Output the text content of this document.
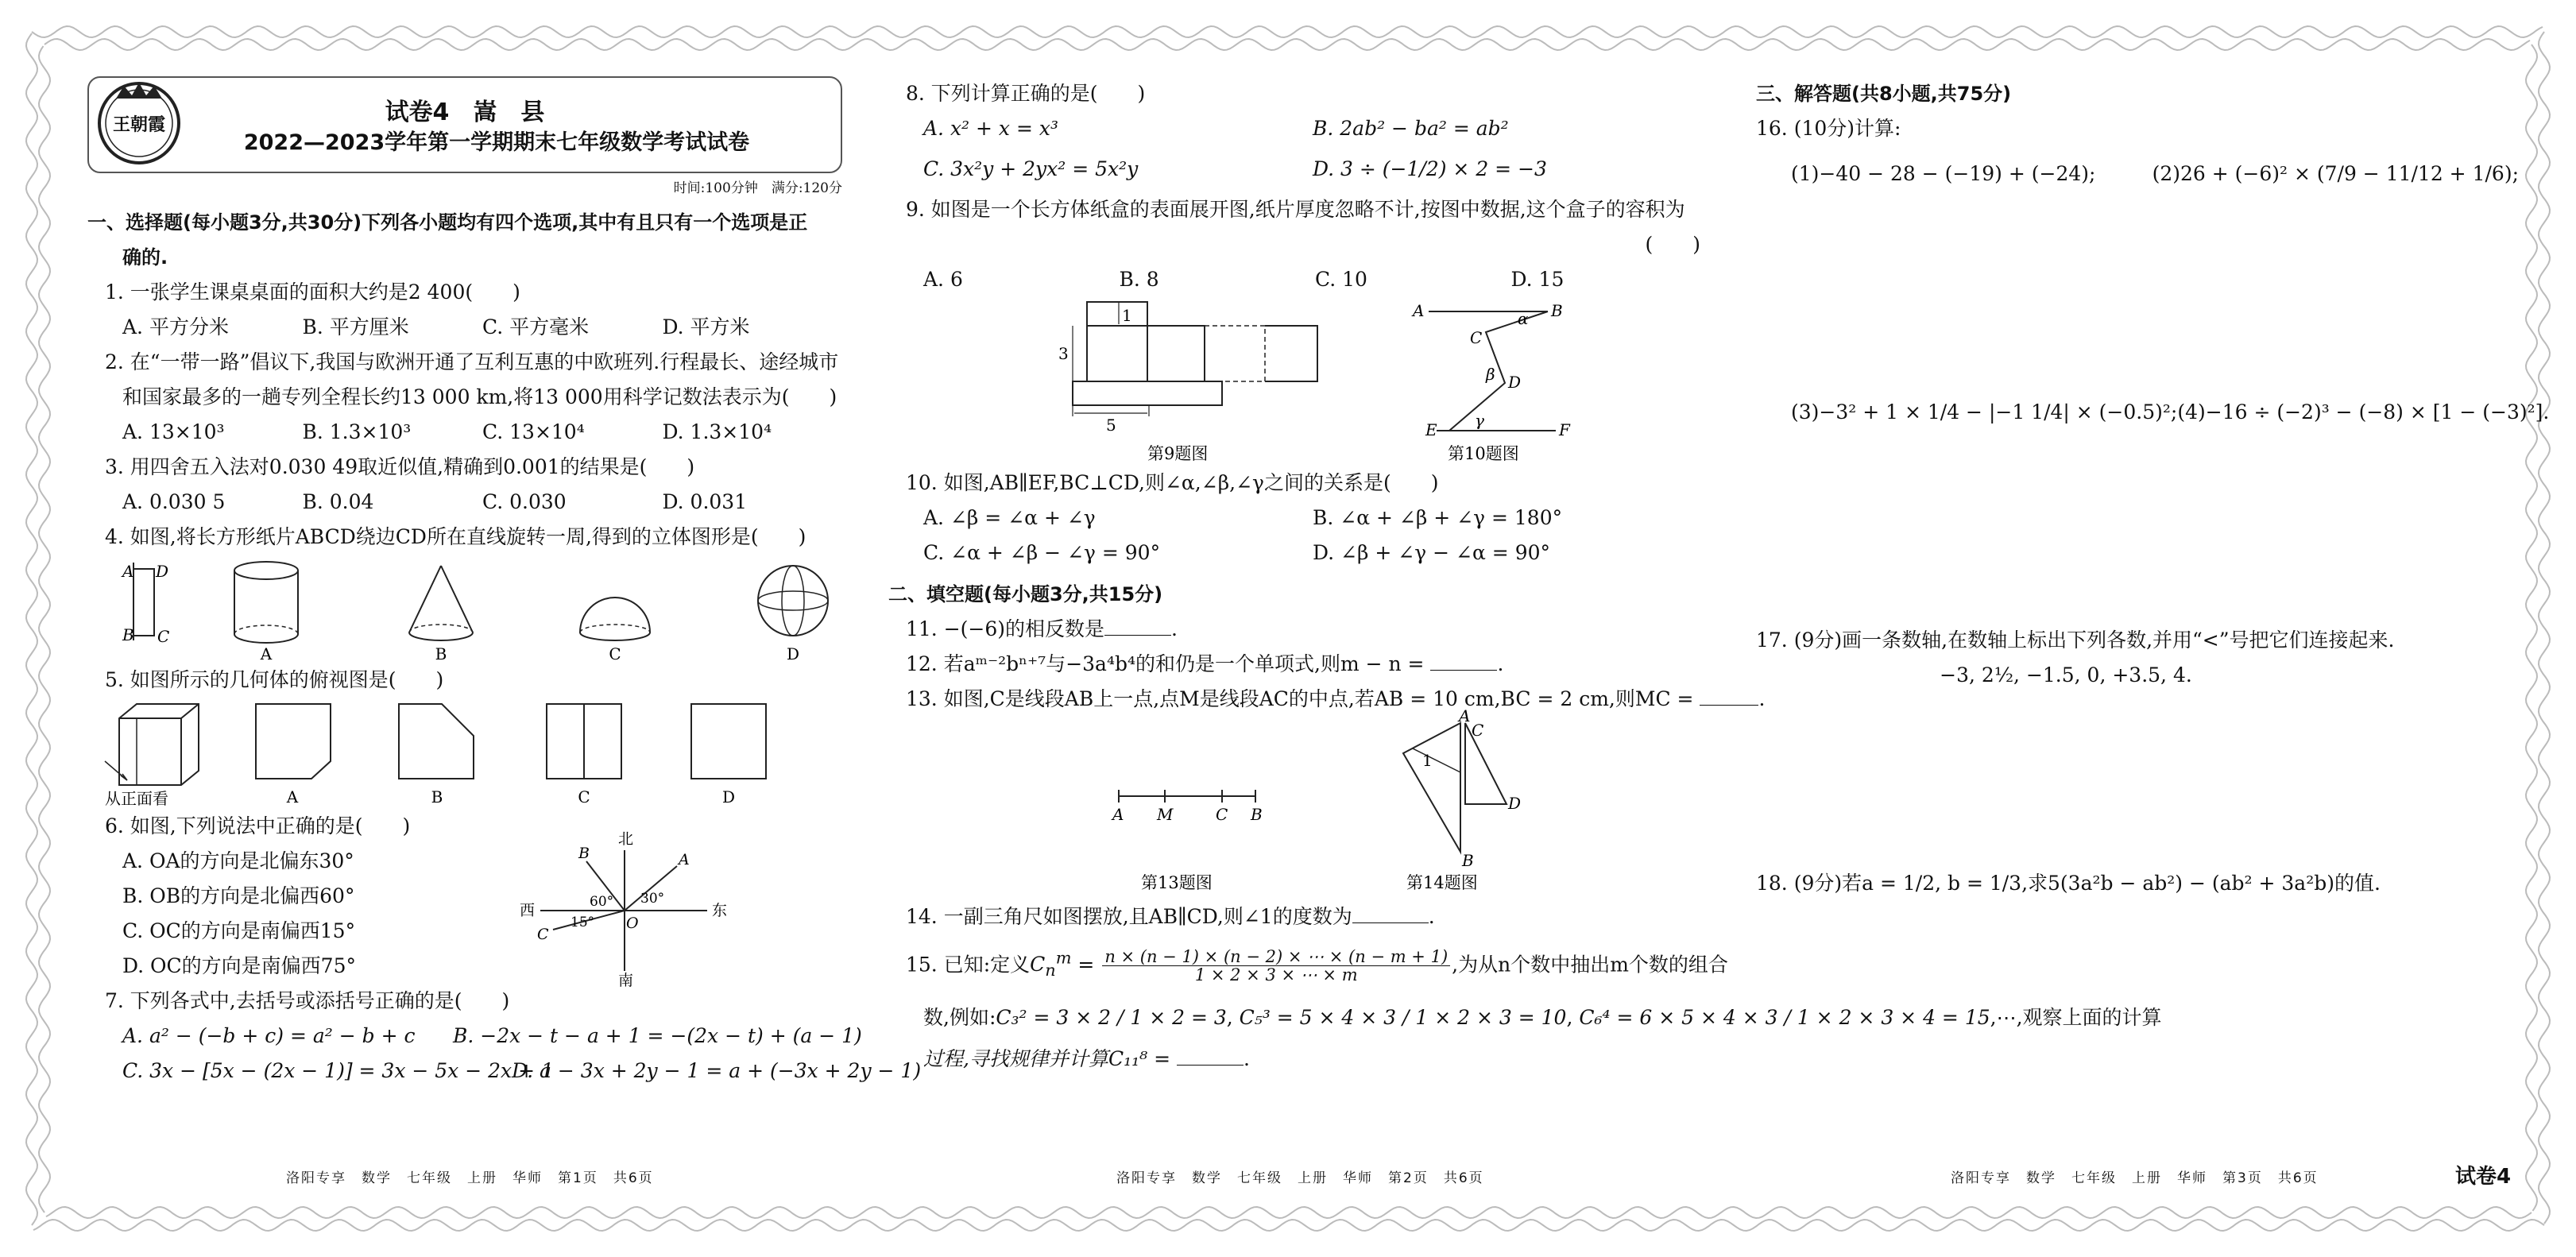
王朝霞	试卷4　嵩　县
2022—2023学年第一学期期末七年级数学考试试卷
时间:100分钟　满分:120分

一、选择题(每小题3分,共30分)下列各小题均有四个选项,其中有且只有一个选项是正

确的.

1. 一张学生课桌桌面的面积大约是2 400(　　)

A. 平方分米	B. 平方厘米	C. 平方毫米	D. 平方米

2. 在“一带一路”倡议下,我国与欧洲开通了互利互惠的中欧班列.行程最长、途经城市

和国家最多的一趟专列全程长约13 000 km,将13 000用科学记数法表示为(　　)

A. 13×10³	B. 1.3×10³	C. 13×10⁴	D. 1.3×10⁴

3. 用四舍五入法对0.030 49取近似值,精确到0.001的结果是(　　)

A. 0.030 5	B. 0.04	C. 0.030	D. 0.031

4. 如图,将长方形纸片ABCD绕边CD所在直线旋转一周,得到的立体图形是(　　)

A D
B C
A	B	C	D

5. 如图所示的几何体的俯视图是(　　)

从正面看	A	B	C	D

6. 如图,下列说法中正确的是(　　)

A. OA的方向是北偏东30°

B. OB的方向是北偏西60°

C. OC的方向是南偏西15°

D. OC的方向是南偏西75°

北
南
东
西
B	A
C
O
60° 30°
15°

7. 下列各式中,去括号或添括号正确的是(　　)

A. a² − (−b + c) = a² − b + c	B. −2x − t − a + 1 = −(2x − t) + (a − 1)
C. 3x − [5x − (2x − 1)] = 3x − 5x − 2x + 1
D. a − 3x + 2y − 1 = a + (−3x + 2y − 1)

8. 下列计算正确的是(　　)

A. x² + x = x³	B. 2ab² − ba² = ab²
C. 3x²y + 2yx² = 5x²y	D. 3 ÷ (−1/2) × 2 = −3

9. 如图是一个长方体纸盒的表面展开图,纸片厚度忽略不计,按图中数据,这个盒子的容积为

(　　)

A. 6	B. 8	C. 10	D. 15
1
3
5
第9题图
A	B
C
D
E	F
α
β
γ
第10题图

10. 如图,AB∥EF,BC⊥CD,则∠α,∠β,∠γ之间的关系是(　　)

A. ∠β = ∠α + ∠γ	B. ∠α + ∠β + ∠γ = 180°
C. ∠α + ∠β − ∠γ = 90°	D. ∠β + ∠γ − ∠α = 90°

二、填空题(每小题3分,共15分)

11. −(−6)的相反数是	.

12. 若aᵐ⁻²bⁿ⁺⁷与−3a⁴b⁴的和仍是一个单项式,则m − n =	.

13. 如图,C是线段AB上一点,点M是线段AC的中点,若AB = 10 cm,BC = 2 cm,则MC =	.

A M	C B
第13题图
A
C
D
B
1
第14题图

14. 一副三角尺如图摆放,且AB∥CD,则∠1的度数为	.

15. 已知:定义$C_n^m = \frac{n \times (n - 1) \times (n - 2) \times \cdots \times (n - m + 1)}{1 \times 2 \times 3 \times \cdots \times m}$ ,为从n个数中抽出m个数的组合

数,例如:C₃² = 3 × 2 / 1 × 2 = 3, C₅³ = 5 × 4 × 3 / 1 × 2 × 3 = 10, C₆⁴ = 6 × 5 × 4 × 3 / 1 × 2 × 3 × 4 = 15,⋯,观察上面的计算

过程,寻找规律并计算C₁₁⁸ =	.

三、解答题(共8小题,共75分)

16. (10分)计算:

(1)−40 − 28 − (−19) + (−24);	(2)26 + (−6)² × (7/9 − 11/12 + 1/6);
(3)−3² + 1 × 1/4 − |−1 1/4| × (−0.5)²; (4)−16 ÷ (−2)³ − (−8) × [1 − (−3)²].

17. (9分)画一条数轴,在数轴上标出下列各数,并用“<”号把它们连接起来.

−3, 2½, −1.5, 0, +3.5, 4.

18. (9分)若a = 1/2, b = 1/3,求5(3a²b − ab²) − (ab² + 3a²b)的值.

洛阳专享　数学　七年级　上册　华师　第1页　共6页	洛阳专享　数学　七年级　上册　华师　第2页　共6页	洛阳专享　数学　七年级　上册　华师　第3页　共6页	试卷4
